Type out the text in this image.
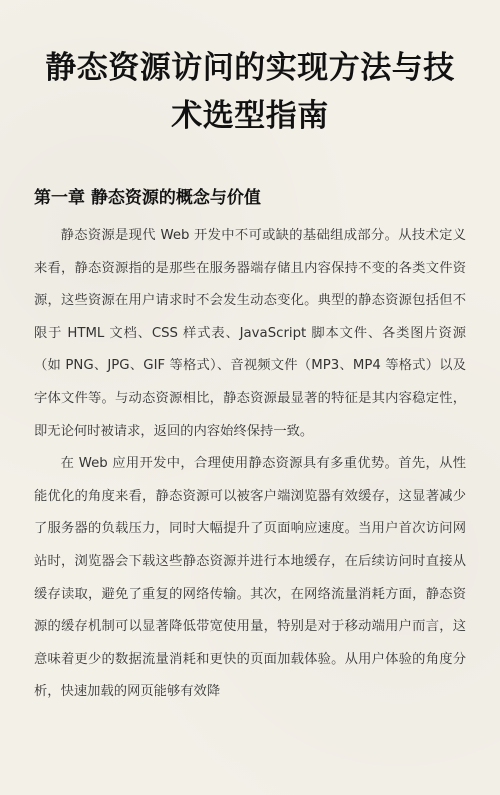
静态资源访问的实现方法与技术选型指南
第一章 静态资源的概念与价值

静态资源是现代 Web 开发中不可或缺的基础组成部分。从技术定义来看，静态资源指的是那些在服务器端存储且内容保持不变的各类文件资源，这些资源在用户请求时不会发生动态变化。典型的静态资源包括但不限于 HTML 文档、CSS 样式表、JavaScript 脚本文件、各类图片资源（如 PNG、JPG、GIF 等格式）、音视频文件（MP3、MP4 等格式）以及字体文件等。与动态资源相比，静态资源最显著的特征是其内容稳定性，即无论何时被请求，返回的内容始终保持一致。

在 Web 应用开发中，合理使用静态资源具有多重优势。首先，从性能优化的角度来看，静态资源可以被客户端浏览器有效缓存，这显著减少了服务器的负载压力，同时大幅提升了页面响应速度。当用户首次访问网站时，浏览器会下载这些静态资源并进行本地缓存，在后续访问时直接从缓存读取，避免了重复的网络传输。其次，在网络流量消耗方面，静态资源的缓存机制可以显著降低带宽使用量，特别是对于移动端用户而言，这意味着更少的数据流量消耗和更快的页面加载体验。从用户体验的角度分析，快速加载的网页能够有效降
